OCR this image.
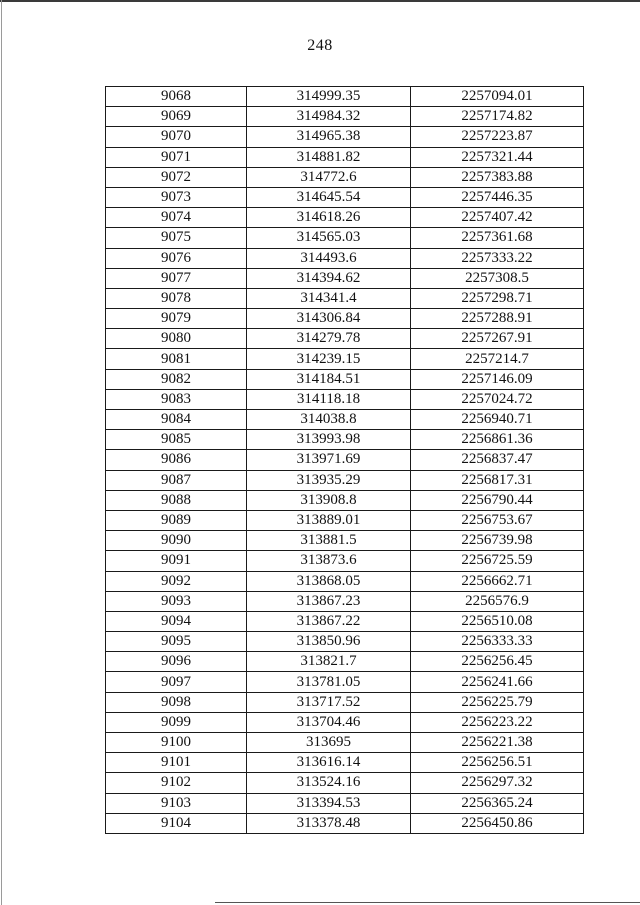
248
9068	314999.35	2257094.01
9069	314984.32	2257174.82
9070	314965.38	2257223.87
9071	314881.82	2257321.44
9072	314772.6	2257383.88
9073	314645.54	2257446.35
9074	314618.26	2257407.42
9075	314565.03	2257361.68
9076	314493.6	2257333.22
9077	314394.62	2257308.5
9078	314341.4	2257298.71
9079	314306.84	2257288.91
9080	314279.78	2257267.91
9081	314239.15	2257214.7
9082	314184.51	2257146.09
9083	314118.18	2257024.72
9084	314038.8	2256940.71
9085	313993.98	2256861.36
9086	313971.69	2256837.47
9087	313935.29	2256817.31
9088	313908.8	2256790.44
9089	313889.01	2256753.67
9090	313881.5	2256739.98
9091	313873.6	2256725.59
9092	313868.05	2256662.71
9093	313867.23	2256576.9
9094	313867.22	2256510.08
9095	313850.96	2256333.33
9096	313821.7	2256256.45
9097	313781.05	2256241.66
9098	313717.52	2256225.79
9099	313704.46	2256223.22
9100	313695	2256221.38
9101	313616.14	2256256.51
9102	313524.16	2256297.32
9103	313394.53	2256365.24
9104	313378.48	2256450.86
